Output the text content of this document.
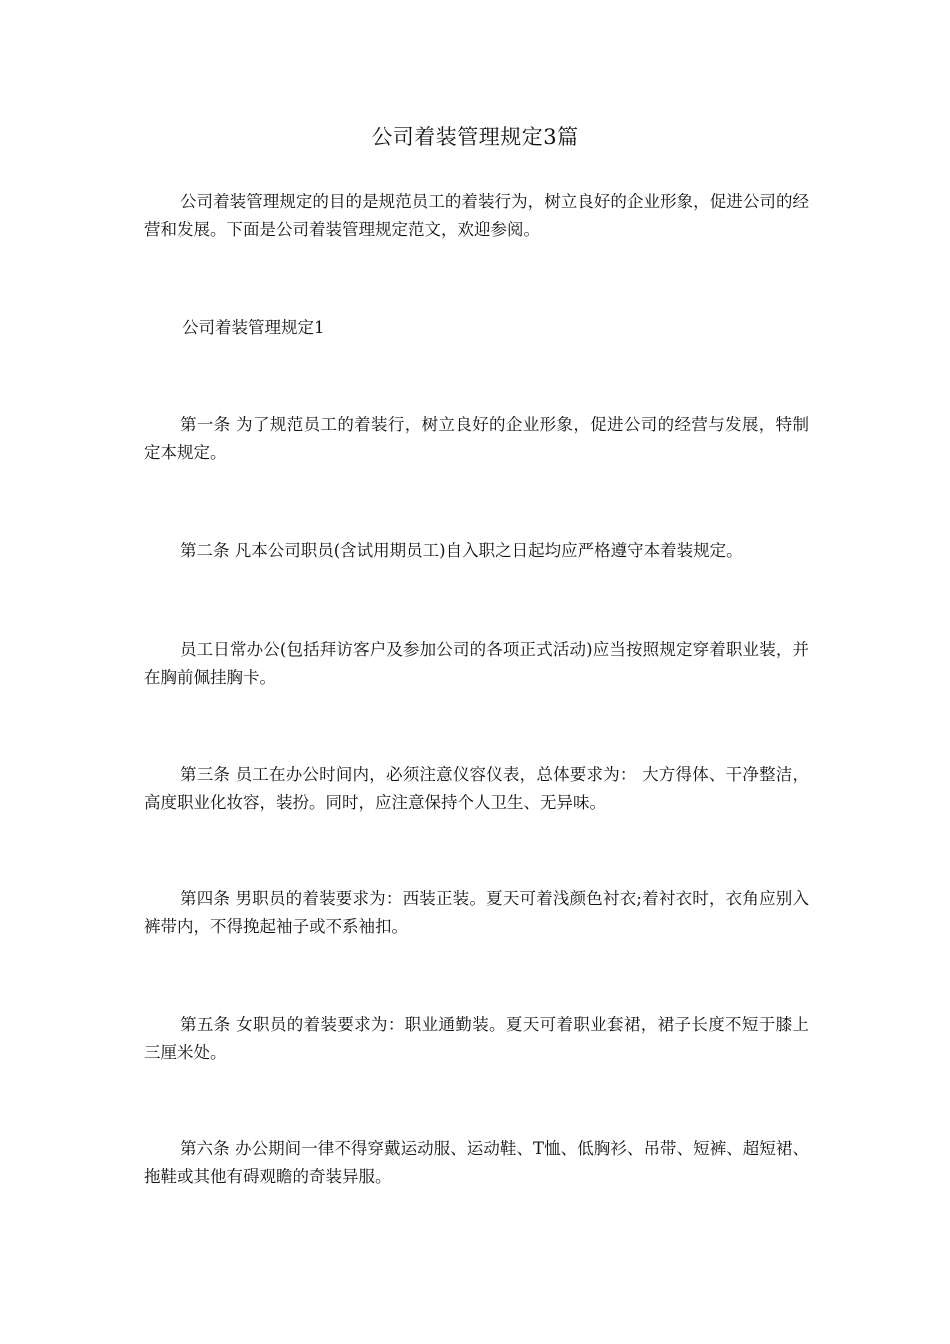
公司着装管理规定3篇

公司着装管理规定的目的是规范员工的着装行为，树立良好的企业形象，促进公司的经营和发展。下面是公司着装管理规定范文，欢迎参阅。

公司着装管理规定1

第一条 为了规范员工的着装行，树立良好的企业形象，促进公司的经营与发展，特制定本规定。

第二条 凡本公司职员(含试用期员工)自入职之日起均应严格遵守本着装规定。

员工日常办公(包括拜访客户及参加公司的各项正式活动)应当按照规定穿着职业装，并在胸前佩挂胸卡。

第三条 员工在办公时间内，必须注意仪容仪表，总体要求为： 大方得体、干净整洁，高度职业化妆容，装扮。同时，应注意保持个人卫生、无异味。

第四条 男职员的着装要求为：西装正装。夏天可着浅颜色衬衣;着衬衣时，衣角应别入裤带内，不得挽起袖子或不系袖扣。

第五条 女职员的着装要求为：职业通勤装。夏天可着职业套裙，裙子长度不短于膝上三厘米处。

第六条 办公期间一律不得穿戴运动服、运动鞋、T恤、低胸衫、吊带、短裤、超短裙、拖鞋或其他有碍观瞻的奇装异服。
